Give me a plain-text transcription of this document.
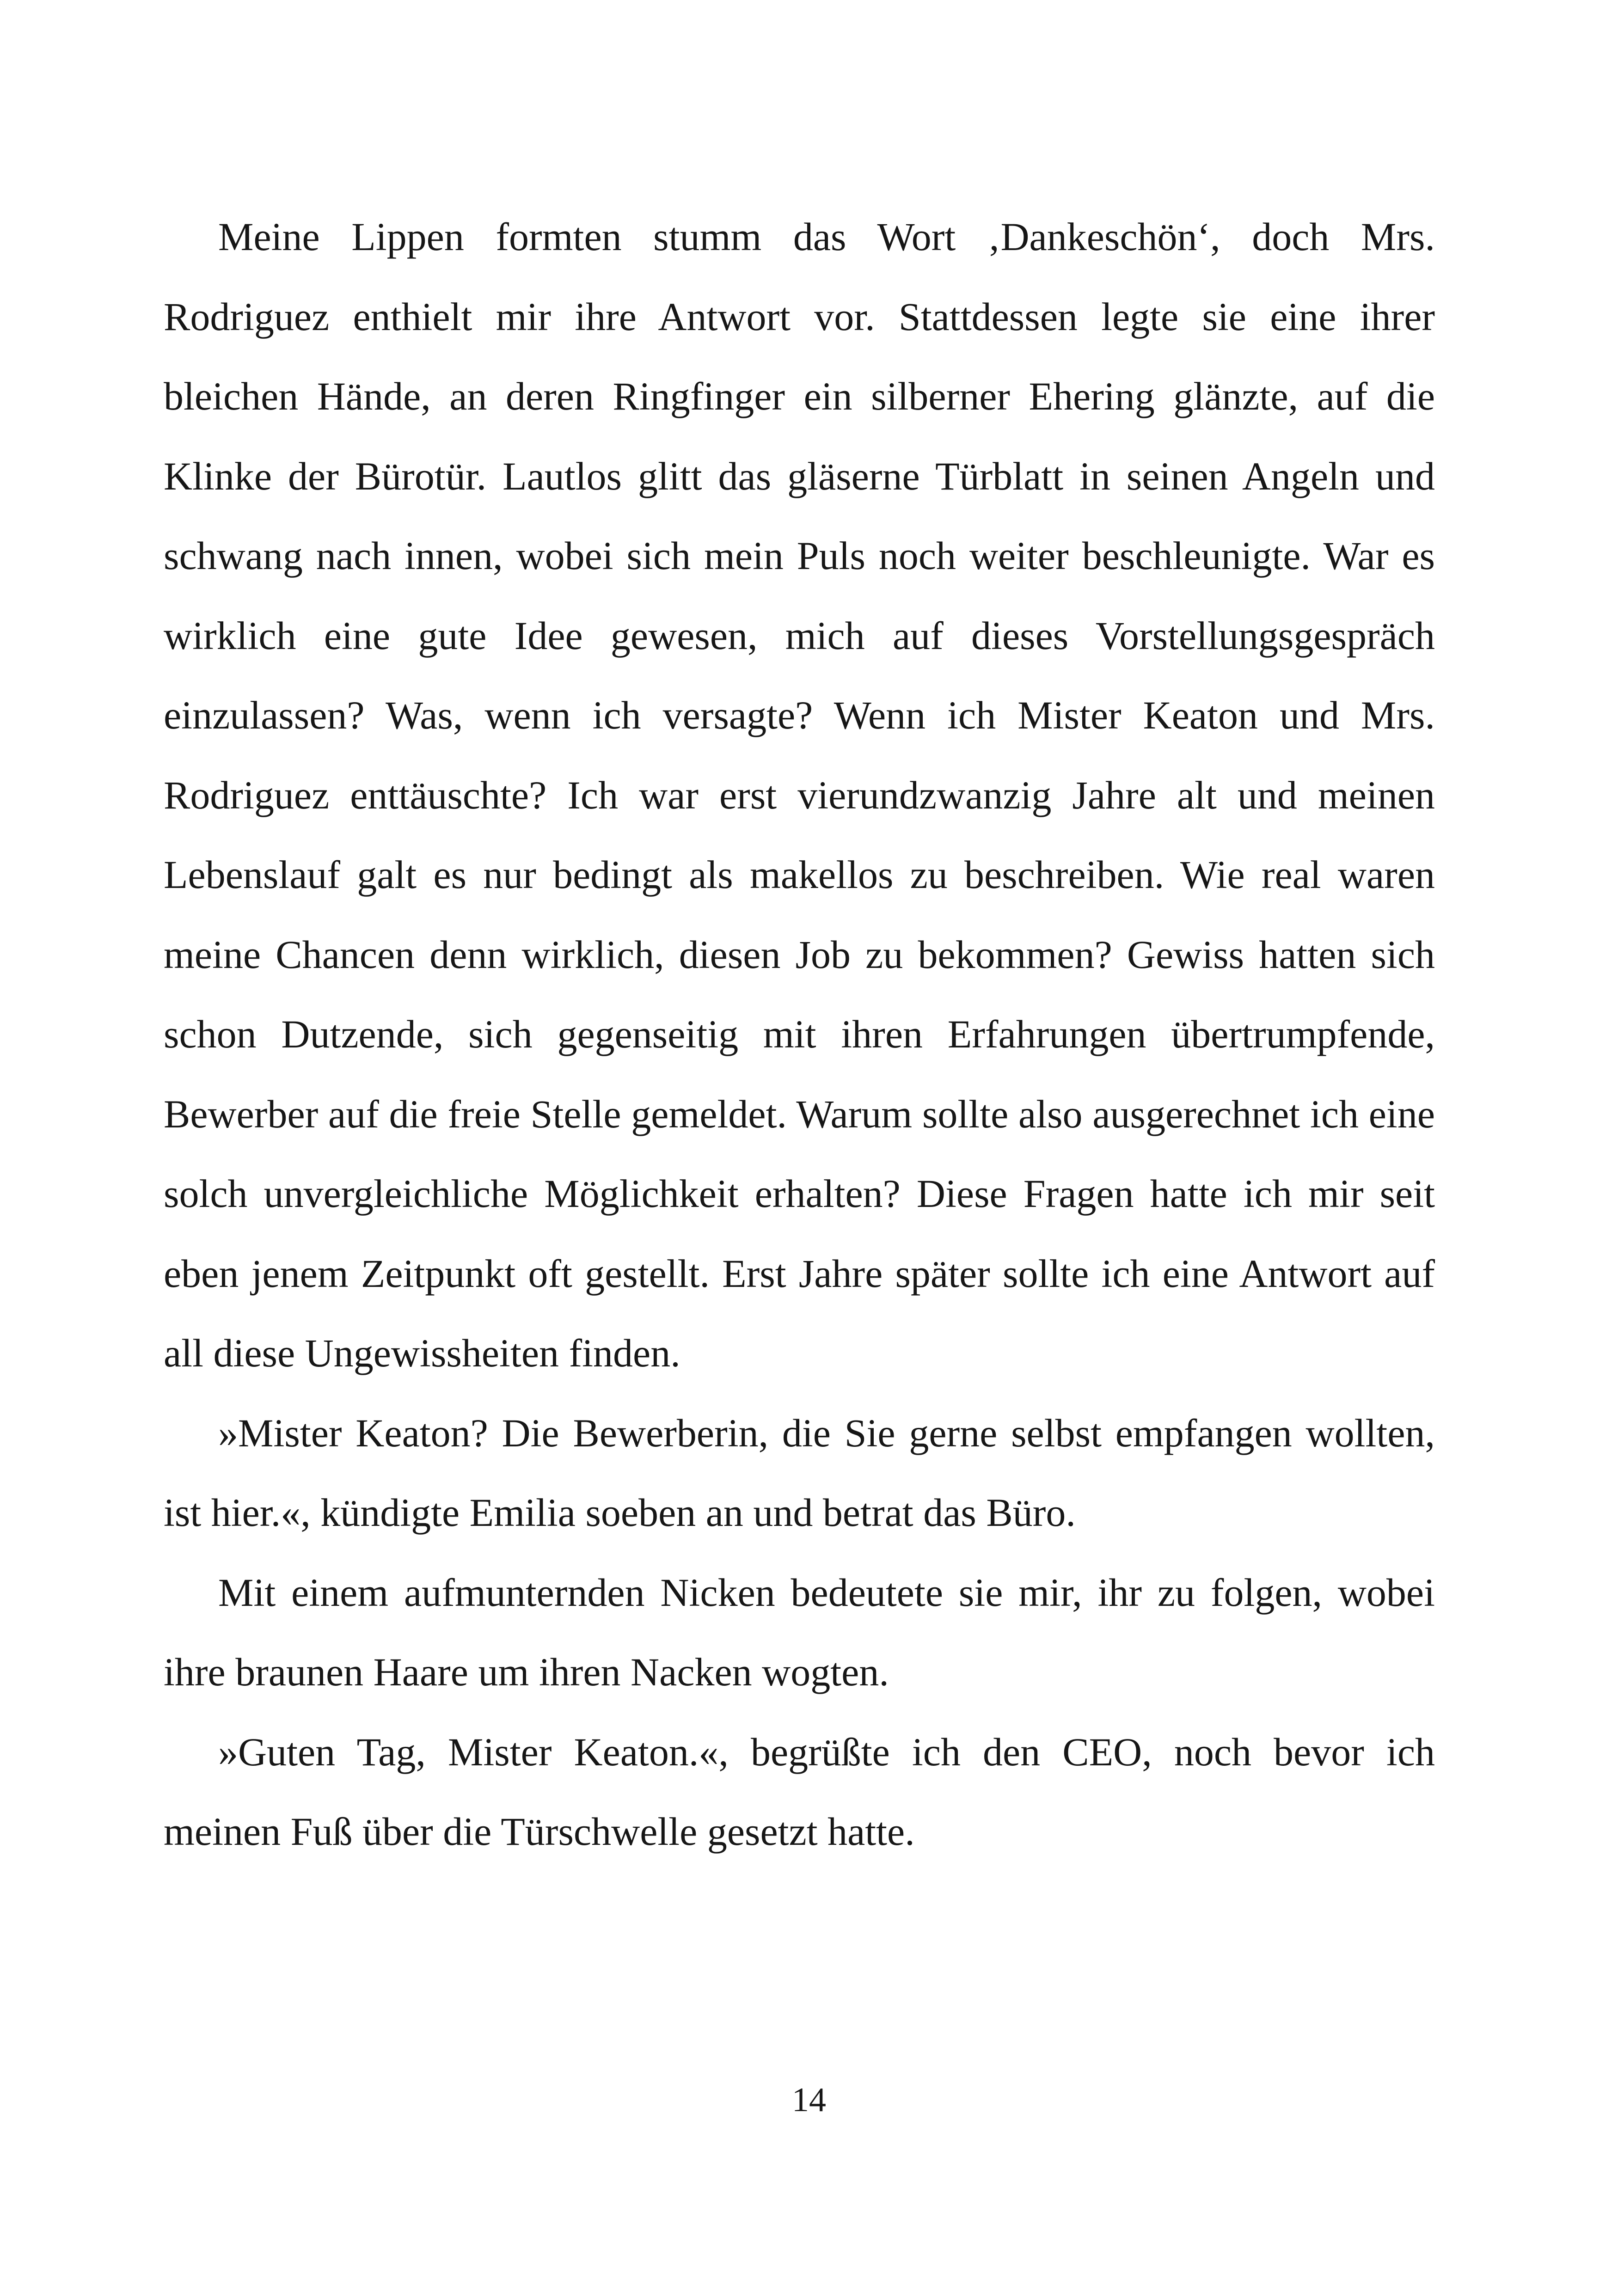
Meine Lippen formten stumm das Wort ‚Dankeschön‘, doch Mrs. Rodriguez enthielt mir ihre Antwort vor. Stattdessen legte sie eine ihrer bleichen Hände, an deren Ringfinger ein silberner Ehering glänzte, auf die Klinke der Bürotür. Lautlos glitt das gläserne Türblatt in seinen Angeln und schwang nach innen, wobei sich mein Puls noch weiter beschleunigte. War es wirklich eine gute Idee gewesen, mich auf dieses Vorstellungsgespräch einzulassen? Was, wenn ich versagte? Wenn ich Mister Keaton und Mrs. Rodriguez enttäuschte? Ich war erst vierundzwanzig Jahre alt und meinen Lebenslauf galt es nur bedingt als makellos zu beschreiben. Wie real waren meine Chancen denn wirklich, diesen Job zu bekommen? Gewiss hatten sich schon Dutzende, sich gegenseitig mit ihren Erfahrungen übertrumpfende, Bewerber auf die freie Stelle gemeldet. Warum sollte also ausgerechnet ich eine solch unvergleichliche Möglichkeit erhalten? Diese Fragen hatte ich mir seit eben jenem Zeitpunkt oft gestellt. Erst Jahre später sollte ich eine Antwort auf all diese Ungewissheiten finden.

»Mister Keaton? Die Bewerberin, die Sie gerne selbst empfangen wollten, ist hier.«, kündigte Emilia soeben an und betrat das Büro.

Mit einem aufmunternden Nicken bedeutete sie mir, ihr zu folgen, wobei ihre braunen Haare um ihren Nacken wogten.

»Guten Tag, Mister Keaton.«, begrüßte ich den CEO, noch bevor ich meinen Fuß über die Türschwelle gesetzt hatte.

14
